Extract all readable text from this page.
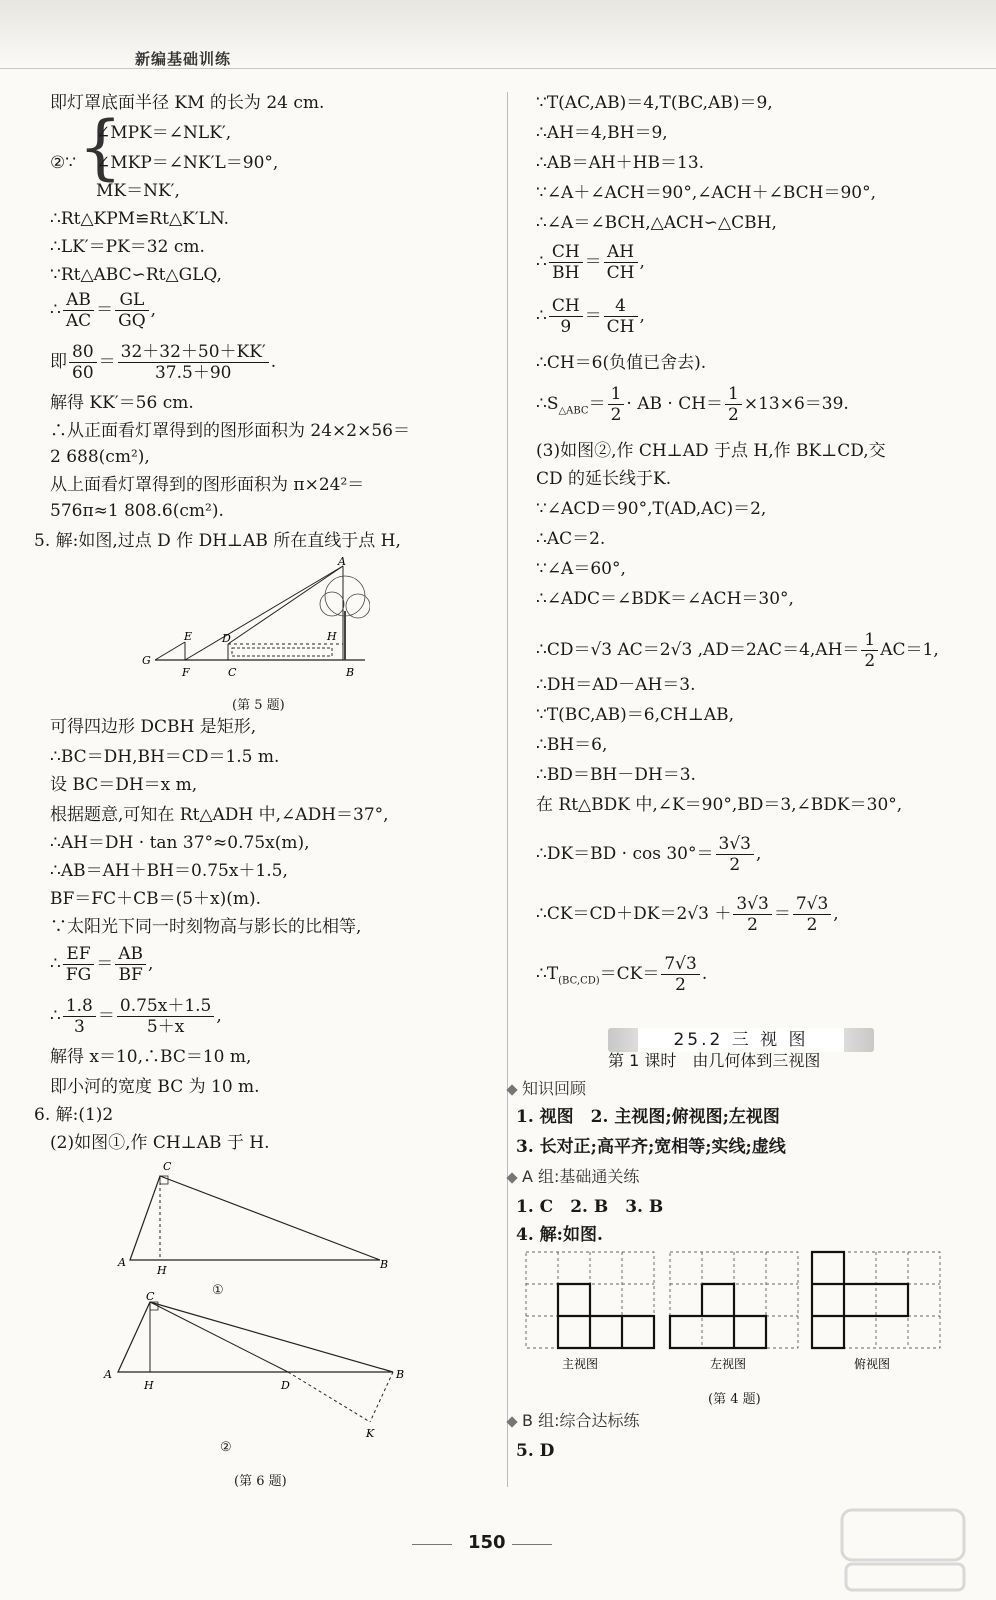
新编基础训练
即灯罩底面半径 KM 的长为 24 cm.
{
②∵
∠MPK＝∠NLK′,
∠MKP＝∠NK′L＝90°,
MK＝NK′,
∴Rt△KPM≌Rt△K′LN.
∴LK′＝PK＝32 cm.
∵Rt△ABC∽Rt△GLQ,
∴ $\frac{AB}{AC} = \frac{GL}{GQ}$ ,
即 $\frac{80}{60} = \frac{32+32+50+KK'}{37.5+90}$ .
解得 KK′＝56 cm.
∴从正面看灯罩得到的图形面积为 24×2×56＝
2 688(cm²),
从上面看灯罩得到的图形面积为 π×24²＝
576π≈1 808.6(cm²).
5. 解:如图,过点 D 作 DH⊥AB 所在直线于点 H,
A
B
C
D
E
F
G
H
(第 5 题)
可得四边形 DCBH 是矩形,
∴BC＝DH,BH＝CD＝1.5 m.
设 BC＝DH＝x m,
根据题意,可知在 Rt△ADH 中,∠ADH＝37°,
∴AH＝DH · tan 37°≈0.75x(m),
∴AB＝AH＋BH＝0.75x＋1.5,
BF＝FC＋CB＝(5＋x)(m).
∵太阳光下同一时刻物高与影长的比相等,
∴ $\frac{EF}{FG} = \frac{AB}{BF}$ ,
∴ $\frac{1.8}{3} = \frac{0.75x+1.5}{5+x}$ ,
解得 x＝10,∴BC＝10 m,
即小河的宽度 BC 为 10 m.
6. 解:(1)2
(2)如图①,作 CH⊥AB 于 H.
C
A	B
H
①
C
A	B
H	D
K
②
(第 6 题)
∵T(AC,AB)＝4,T(BC,AB)＝9,
∴AH＝4,BH＝9,
∴AB＝AH＋HB＝13.
∵∠A＋∠ACH＝90°,∠ACH＋∠BCH＝90°,
∴∠A＝∠BCH,△ACH∽△CBH,
∴ $\frac{CH}{BH} = \frac{AH}{CH}$ ,
∴ $\frac{CH}{9} = \frac{4}{CH}$ ,
∴CH＝6(负值已舍去).
$\therefore S_{\triangle ABC}= \frac{1}{2}$ · AB · $CH= \frac{1}{2} \times 13\times 6=39$.
(3)如图②,作 CH⊥AD 于点 H,作 BK⊥CD,交
CD 的延长线于K.
∵∠ACD＝90°,T(AD,AC)＝2,
∴AC＝2.
∵∠A＝60°,
∴∠ADC＝∠BDK＝∠ACH＝30°,
∴CD＝√3 AC＝2√3 $,AD=2AC=4,AH= \frac{1}{2} AC=1$,
∴DH＝AD－AH＝3.
∵T(BC,AB)＝6,CH⊥AB,
∴BH＝6,
∴BD＝BH－DH＝3.
在 Rt△BDK 中,∠K＝90°,BD＝3,∠BDK＝30°,
∴DK＝BD · $\cos 30^\circ= \frac{3√3}{2}$ ,
∴CK＝CD＋DK＝2√3 ＋ $\frac{3√3}{2} = \frac{7√3}{2}$ ,
$\therefore T_{(BC,CD)}=CK= \frac{7√3}{2}$ .
25.2 三 视 图
第 1 课时　由几何体到三视图
知识回顾
1. 视图　2. 主视图;俯视图;左视图
3. 长对正;高平齐;宽相等;实线;虚线
A 组:基础通关练
1. C　2. B　3. B
4. 解:如图.
主视图	左视图	俯视图
(第 4 题)
B 组:综合达标练
5. D
150
